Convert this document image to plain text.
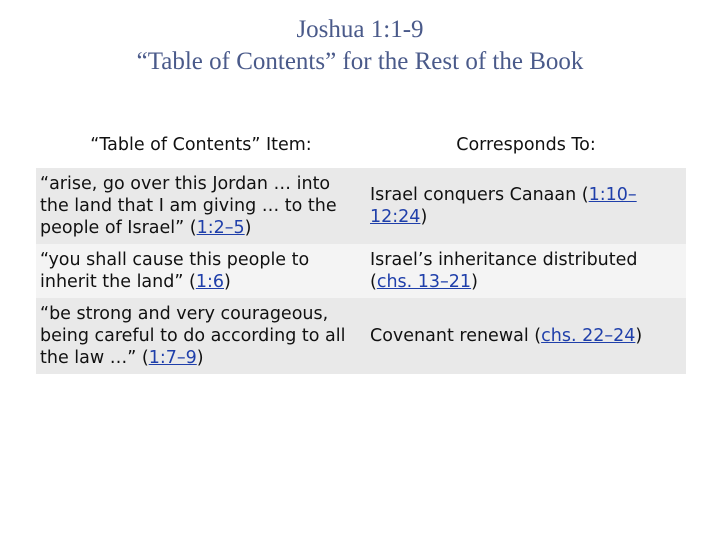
Joshua 1:1-9
“Table of Contents” for the Rest of the Book
“Table of Contents” Item:	Corresponds To:
“arise, go over this Jordan … into the land that I am giving … to the people of Israel” (1:2–5)	Israel conquers Canaan (1:10–12:24)
“you shall cause this people to inherit the land” (1:6)	Israel’s inheritance distributed (chs. 13–21)
“be strong and very courageous, being careful to do according to all the law …” (1:7–9)	Covenant renewal (chs. 22–24)
